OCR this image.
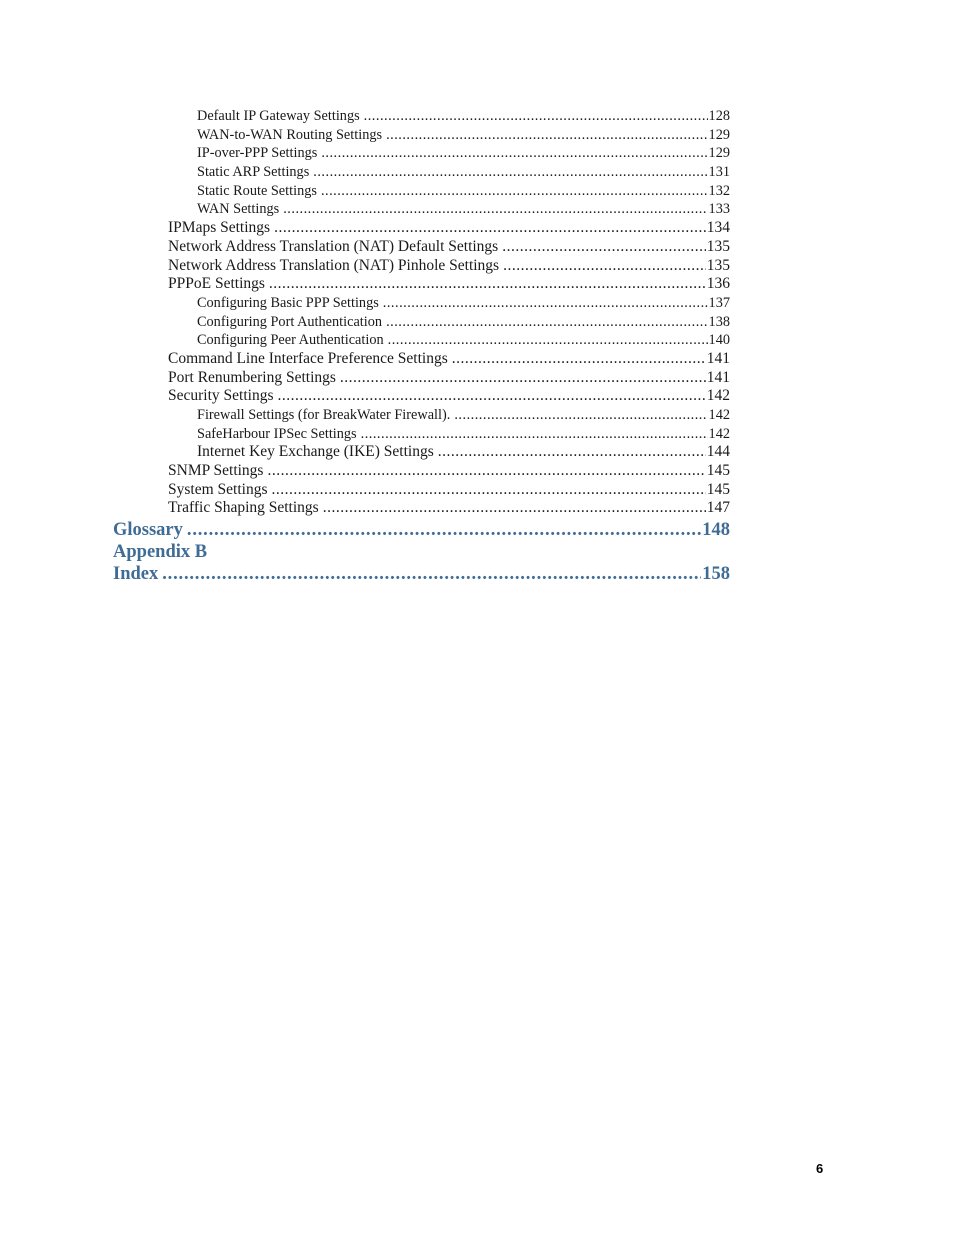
Default IP Gateway Settings .....	128
WAN-to-WAN Routing Settings .....	129
IP-over-PPP Settings .....	129
Static ARP Settings .....	131
Static Route Settings .....	132
WAN Settings .....	133
IPMaps Settings .....	134
Network Address Translation (NAT) Default Settings .....	135
Network Address Translation (NAT) Pinhole Settings .....	135
PPPoE Settings .....	136
Configuring Basic PPP Settings .....	137
Configuring Port Authentication .....	138
Configuring Peer Authentication .....	140
Command Line Interface Preference Settings .....	141
Port Renumbering Settings .....	141
Security Settings .....	142
Firewall Settings (for BreakWater Firewall). .....	142
SafeHarbour IPSec Settings .....	142
Internet Key Exchange (IKE) Settings .....	144
SNMP Settings .....	145
System Settings .....	145
Traffic Shaping Settings .....	147
Glossary .....	148
Appendix B
Index .....	158
6
